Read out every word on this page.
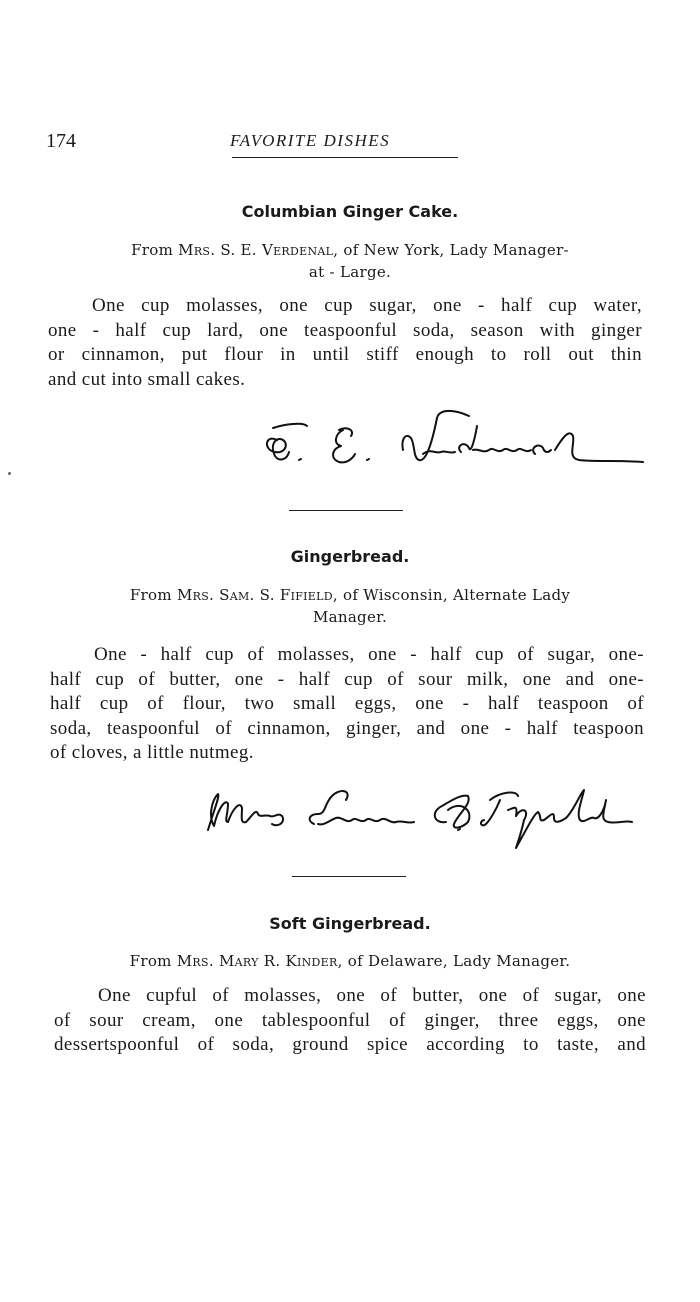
174	FAVORITE DISHES
Columbian Ginger Cake.
From Mrs. S. E. Verdenal, of New York, Lady Manager-
at - Large.
One cup molasses, one cup sugar, one - half cup water,
one - half cup lard, one teaspoonful soda, season with ginger
or cinnamon, put flour in until stiff enough to roll out thin
and cut into small cakes.
Gingerbread.
From Mrs. Sam. S. Fifield, of Wisconsin, Alternate Lady
Manager.
One - half cup of molasses, one - half cup of sugar, one-
half cup of butter, one - half cup of sour milk, one and one-
half cup of flour, two small eggs, one - half teaspoon of
soda, teaspoonful of cinnamon, ginger, and one - half teaspoon
of cloves, a little nutmeg.
Soft Gingerbread.
From Mrs. Mary R. Kinder, of Delaware, Lady Manager.
One cupful of molasses, one of butter, one of sugar, one
of sour cream, one tablespoonful of ginger, three eggs, one
dessertspoonful of soda, ground spice according to taste, and
